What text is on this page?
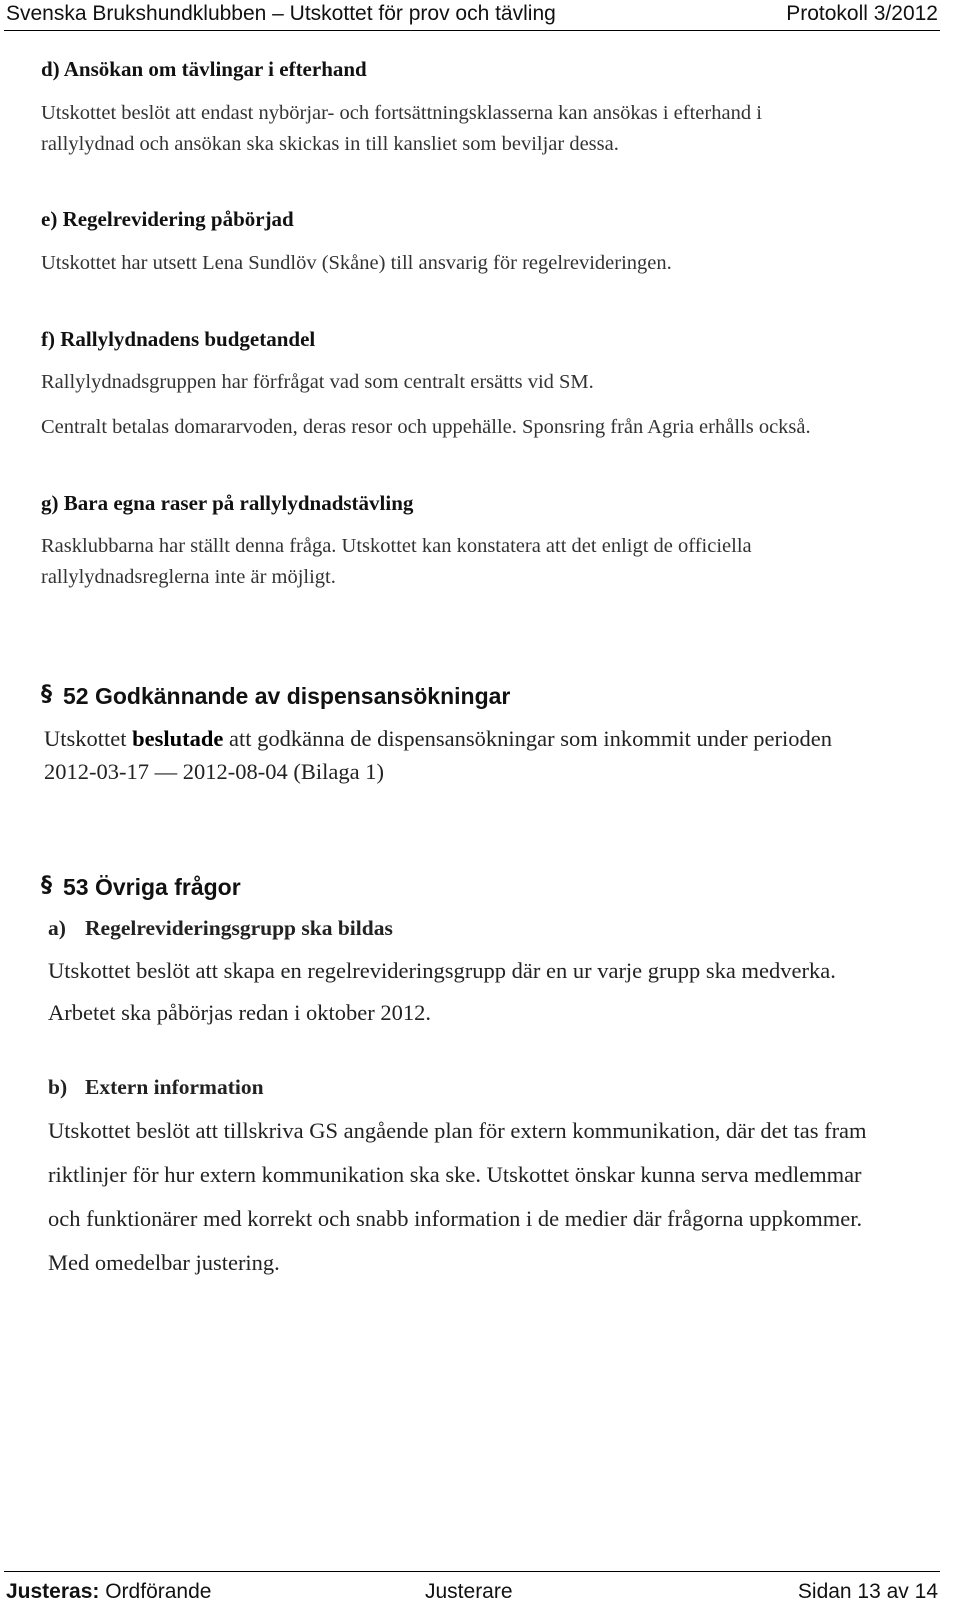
Svenska Brukshundklubben – Utskottet för prov och tävling	Protokoll 3/2012
d) Ansökan om tävlingar i efterhand
Utskottet beslöt att endast nybörjar- och fortsättningsklasserna kan ansökas i efterhand i
rallylydnad och ansökan ska skickas in till kansliet som beviljar dessa.
e) Regelrevidering påbörjad
Utskottet har utsett Lena Sundlöv (Skåne) till ansvarig för regelrevideringen.
f) Rallylydnadens budgetandel
Rallylydnadsgruppen har förfrågat vad som centralt ersätts vid SM.
Centralt betalas domararvoden, deras resor och uppehälle. Sponsring från Agria erhålls också.
g) Bara egna raser på rallylydnadstävling
Rasklubbarna har ställt denna fråga. Utskottet kan konstatera att det enligt de officiella
rallylydnadsreglerna inte är möjligt.
§ 52 Godkännande av dispensansökningar
Utskottet beslutade att godkänna de dispensansökningar som inkommit under perioden
2012-03-17 — 2012-08-04 (Bilaga 1)
§ 53 Övriga frågor
a) Regelrevideringsgrupp ska bildas
Utskottet beslöt att skapa en regelrevideringsgrupp där en ur varje grupp ska medverka.
Arbetet ska påbörjas redan i oktober 2012.
b) Extern information
Utskottet beslöt att tillskriva GS angående plan för extern kommunikation, där det tas fram
riktlinjer för hur extern kommunikation ska ske. Utskottet önskar kunna serva medlemmar
och funktionärer med korrekt och snabb information i de medier där frågorna uppkommer.
Med omedelbar justering.
Justeras: Ordförande	Justerare	Sidan 13 av 14
